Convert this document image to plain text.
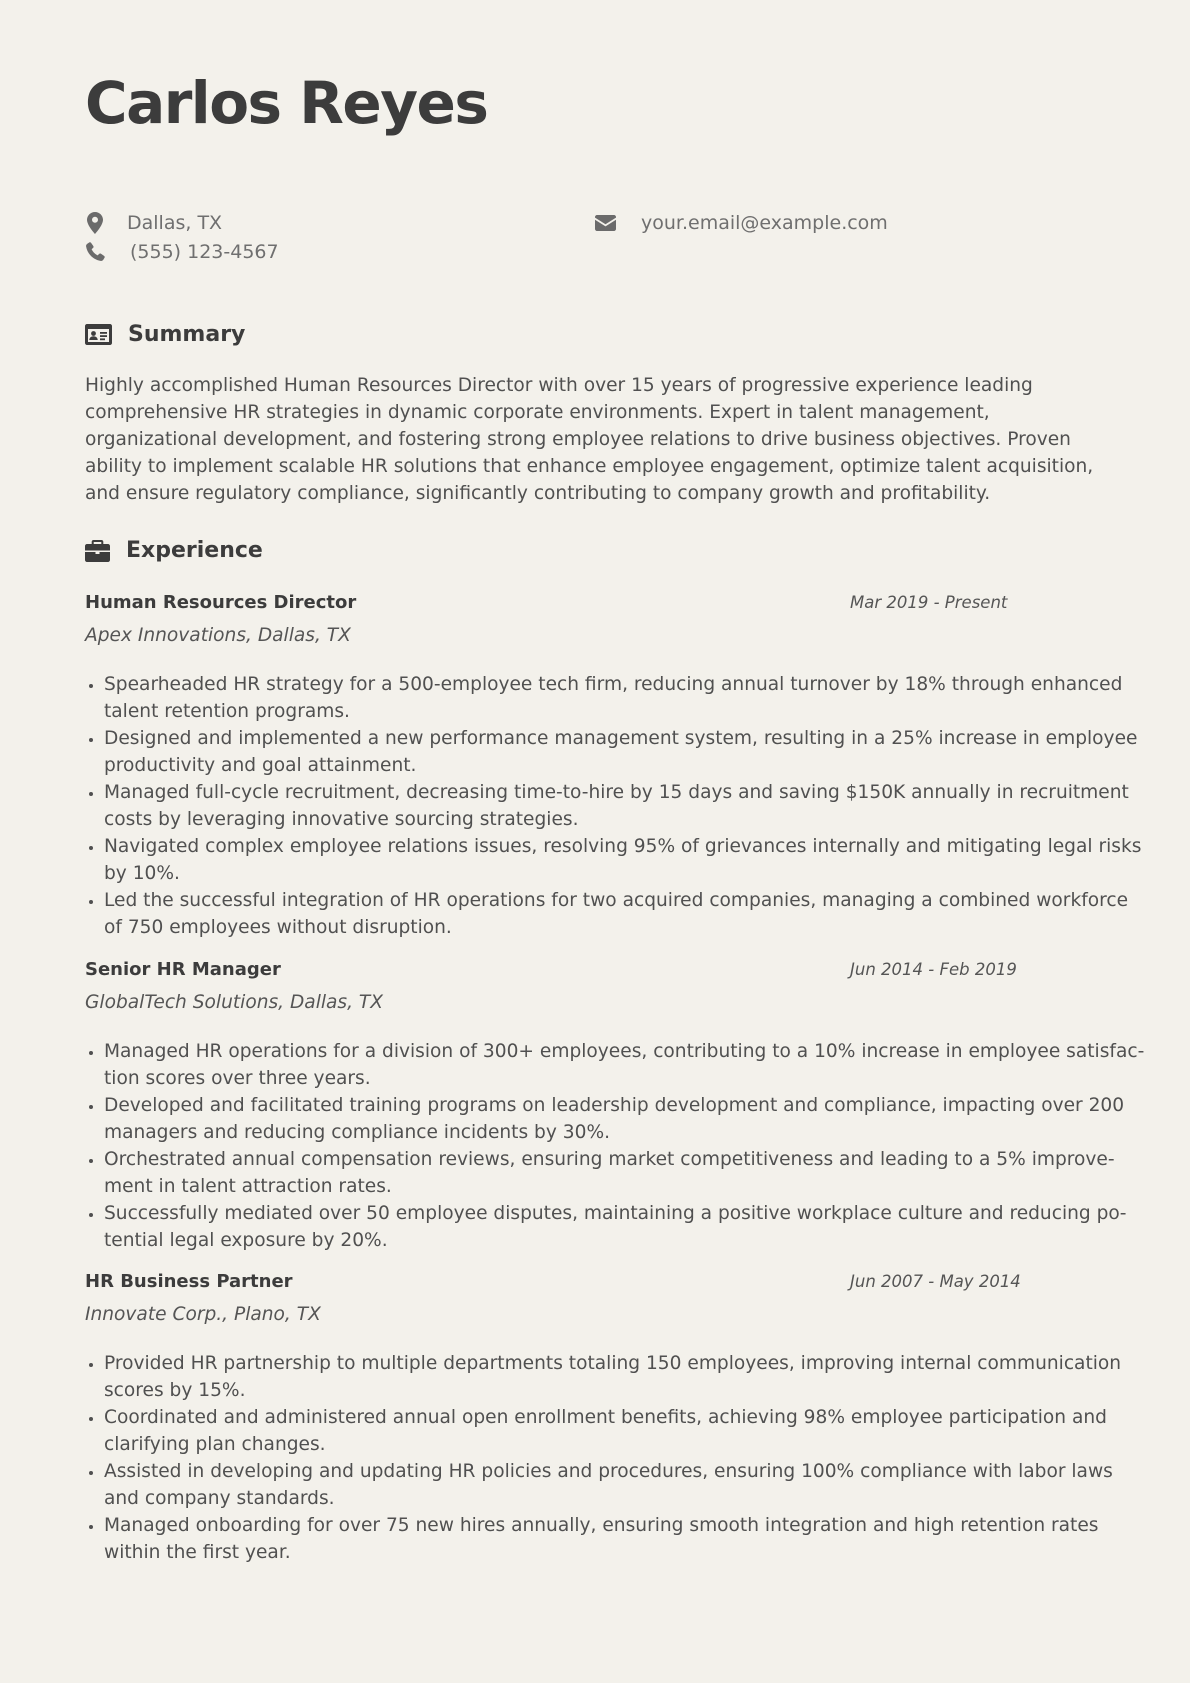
Carlos Reyes
Dallas, TX
(555) 123-4567
your.email@example.com
Summary

Highly accomplished Human Resources Director with over 15 years of progressive experience leading comprehensive HR strategies in dynamic corporate environments. Expert in talent management, organizational development, and fostering strong employee relations to drive business objectives. Proven ability to implement scalable HR solutions that enhance employee engagement, optimize talent acquisition, and ensure regulatory compliance, significantly contributing to company growth and profitability.

Experience
Human Resources Director	Mar 2019 - Present
Apex Innovations, Dallas, TX
• Spearheaded HR strategy for a 500-employee tech firm, reducing annual turnover by 18% through enhanced talent retention programs.
• Designed and implemented a new performance management system, resulting in a 25% increase in employee productivity and goal attainment.
• Managed full-cycle recruitment, decreasing time-to-hire by 15 days and saving $150K annually in recruitment costs by leveraging innovative sourcing strategies.
• Navigated complex employee relations issues, resolving 95% of grievances internally and mitigating legal risks by 10%.
• Led the successful integration of HR operations for two acquired companies, managing a combined workforce of 750 employees without disruption.
Senior HR Manager	Jun 2014 - Feb 2019
GlobalTech Solutions, Dallas, TX
• Managed HR operations for a division of 300+ employees, contributing to a 10% increase in employee satisfaction scores over three years.
• Developed and facilitated training programs on leadership development and compliance, impacting over 200 managers and reducing compliance incidents by 30%.
• Orchestrated annual compensation reviews, ensuring market competitiveness and leading to a 5% improvement in talent attraction rates.
• Successfully mediated over 50 employee disputes, maintaining a positive workplace culture and reducing potential legal exposure by 20%.
HR Business Partner	Jun 2007 - May 2014
Innovate Corp., Plano, TX
• Provided HR partnership to multiple departments totaling 150 employees, improving internal communication scores by 15%.
• Coordinated and administered annual open enrollment benefits, achieving 98% employee participation and clarifying plan changes.
• Assisted in developing and updating HR policies and procedures, ensuring 100% compliance with labor laws and company standards.
• Managed onboarding for over 75 new hires annually, ensuring smooth integration and high retention rates within the first year.
